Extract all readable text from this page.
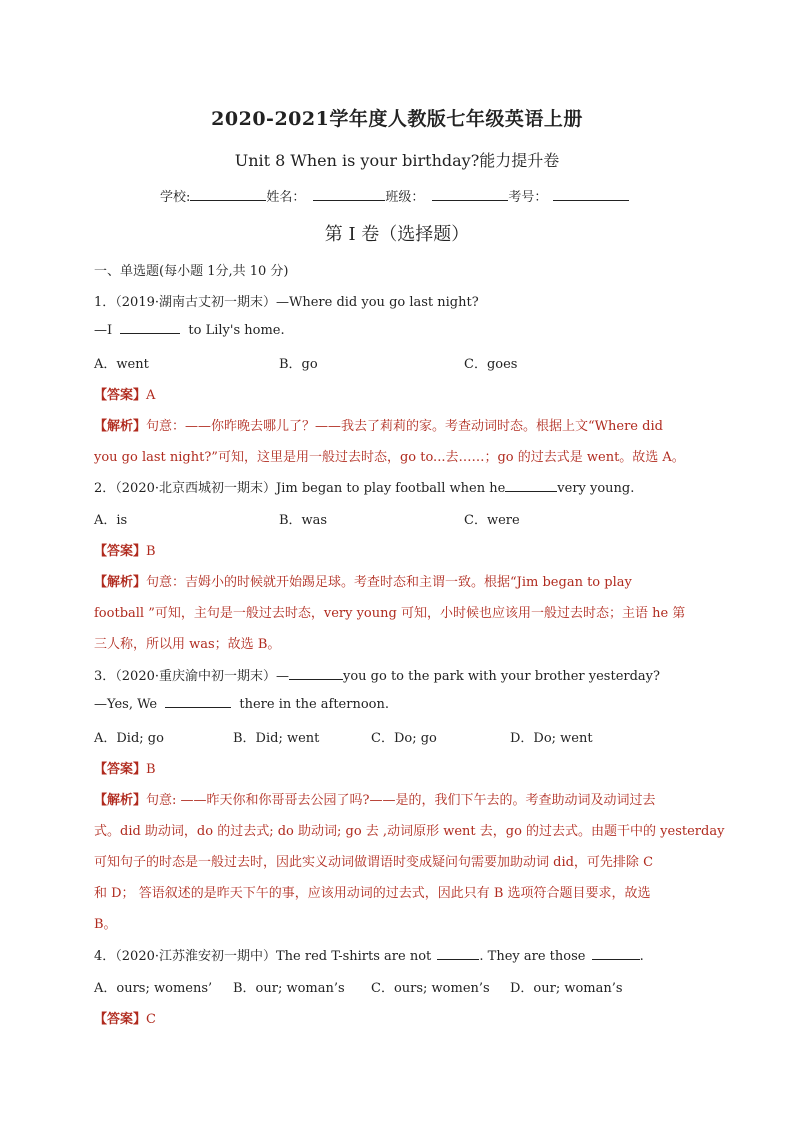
2020-2021学年度人教版七年级英语上册
Unit 8 When is your birthday?能力提升卷
学校:	姓名：	班级：	考号：
第 I 卷（选择题）
一、单选题(每小题 1分,共 10 分)
1．（2019·湖南古丈初一期末）—Where did you go last night?
—I	to Lily's home.
A．went	B．go	C．goes
【答案】A
【解析】句意：——你昨晚去哪儿了？——我去了莉莉的家。考查动词时态。根据上文“Where did
you go last night?”可知，这里是用一般过去时态，go to...去……；go 的过去式是 went。故选 A。
2．（2020·北京西城初一期末）Jim began to play football when he	very young.
A．is	B．was	C．were
【答案】B
【解析】句意：吉姆小的时候就开始踢足球。考查时态和主谓一致。根据“Jim began to play
football ”可知，主句是一般过去时态，very young 可知，小时候也应该用一般过去时态；主语 he 第
三人称，所以用 was；故选 B。
3．（2020·重庆渝中初一期末）—	you go to the park with your brother yesterday?
—Yes, We	there in the afternoon.
A．Did; go	B．Did; went	C．Do; go	D．Do; went
【答案】B
【解析】句意: ——昨天你和你哥哥去公园了吗?——是的，我们下午去的。考查助动词及动词过去
式。did 助动词，do 的过去式; do 助动词; go 去 ,动词原形 went 去，go 的过去式。由题干中的 yesterday
可知句子的时态是一般过去时，因此实义动词做谓语时变成疑问句需要加助动词 did，可先排除 C
和 D； 答语叙述的是昨天下午的事，应该用动词的过去式，因此只有 B 选项符合题目要求，故选
B。
4．（2020·江苏淮安初一期中）The red T-shirts are not	. They are those	.
A．ours; womens’ B．our; woman’s C．ours; women’s D．our; woman’s
【答案】C
